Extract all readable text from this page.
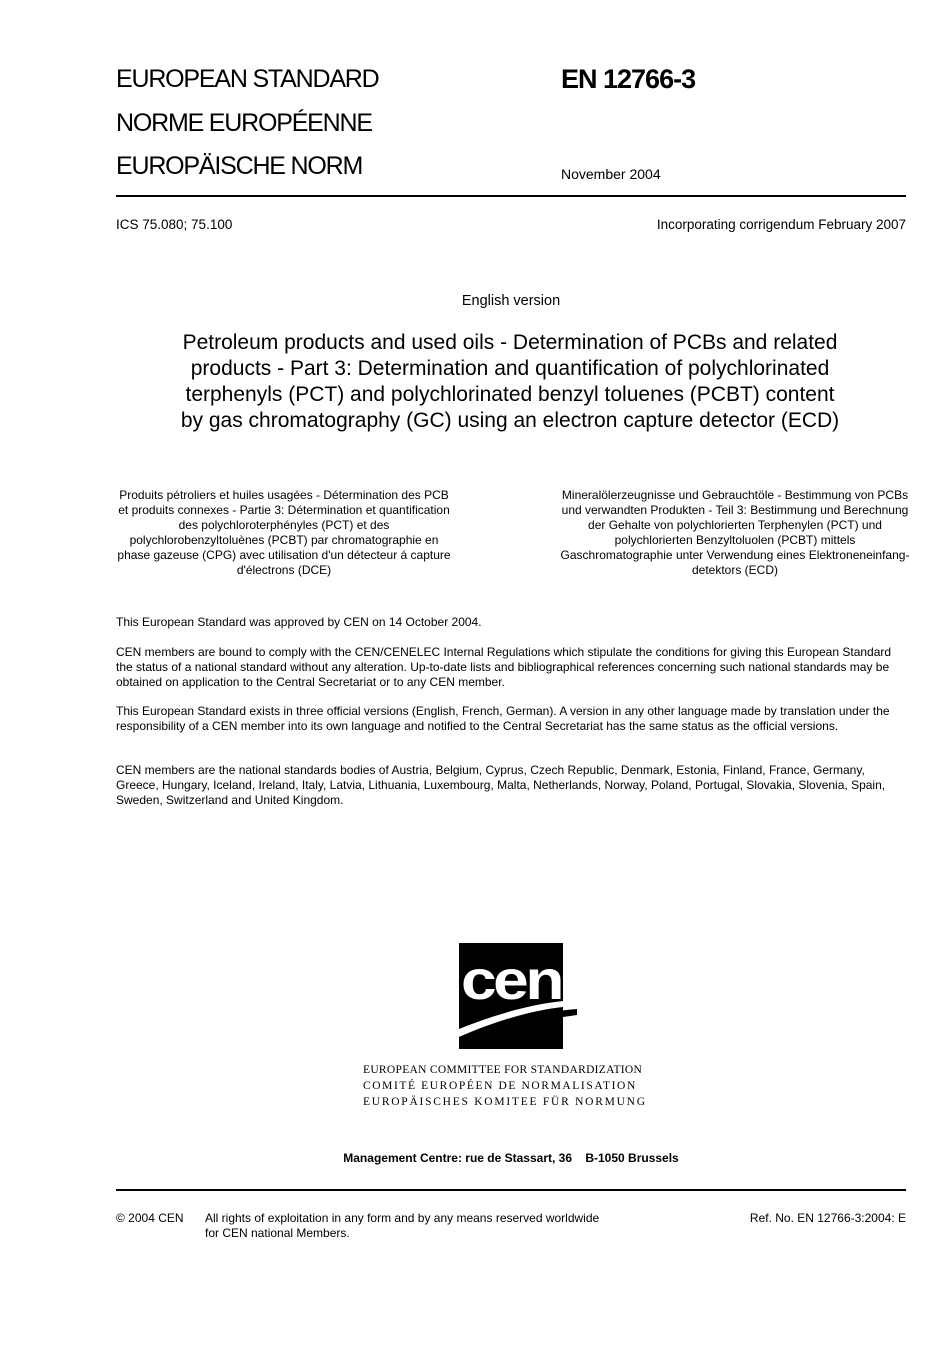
EUROPEAN STANDARD
NORME EUROPÉENNE
EUROPÄISCHE NORM
EN 12766-3
November 2004
ICS 75.080; 75.100	Incorporating corrigendum February 2007
English version
Petroleum products and used oils - Determination of PCBs and related products - Part 3: Determination and quantification of polychlorinated terphenyls (PCT) and polychlorinated benzyl toluenes (PCBT) content by gas chromatography (GC) using an electron capture detector (ECD)
Produits pétroliers et huiles usagées - Détermination des PCB et produits connexes - Partie 3: Détermination et quantification des polychloroterphényles (PCT) et des polychlorobenzyltoluènes (PCBT) par chromatographie en phase gazeuse (CPG) avec utilisation d'un détecteur á capture d'électrons (DCE)
Mineralölerzeugnisse und Gebrauchtöle - Bestimmung von PCBs und verwandten Produkten - Teil 3: Bestimmung und Berechnung der Gehalte von polychlorierten Terphenylen (PCT) und polychlorierten Benzyltoluolen (PCBT) mittels Gaschromatographie unter Verwendung eines Elektroneneinfang-detektors (ECD)
This European Standard was approved by CEN on 14 October 2004.
CEN members are bound to comply with the CEN/CENELEC Internal Regulations which stipulate the conditions for giving this European Standard the status of a national standard without any alteration. Up-to-date lists and bibliographical references concerning such national standards may be obtained on application to the Central Secretariat or to any CEN member.
This European Standard exists in three official versions (English, French, German). A version in any other language made by translation under the responsibility of a CEN member into its own language and notified to the Central Secretariat has the same status as the official versions.
CEN members are the national standards bodies of Austria, Belgium, Cyprus, Czech Republic, Denmark, Estonia, Finland, France, Germany, Greece, Hungary, Iceland, Ireland, Italy, Latvia, Lithuania, Luxembourg, Malta, Netherlands, Norway, Poland, Portugal, Slovakia, Slovenia, Spain, Sweden, Switzerland and United Kingdom.
cen
EUROPEAN COMMITTEE FOR STANDARDIZATION
COMITÉ EUROPÉEN DE NORMALISATION
EUROPÄISCHES KOMITEE FÜR NORMUNG
Management Centre: rue de Stassart, 36    B-1050 Brussels
© 2004 CEN All rights of exploitation in any form and by any means reserved worldwide for CEN national Members.
Ref. No. EN 12766-3:2004: E
